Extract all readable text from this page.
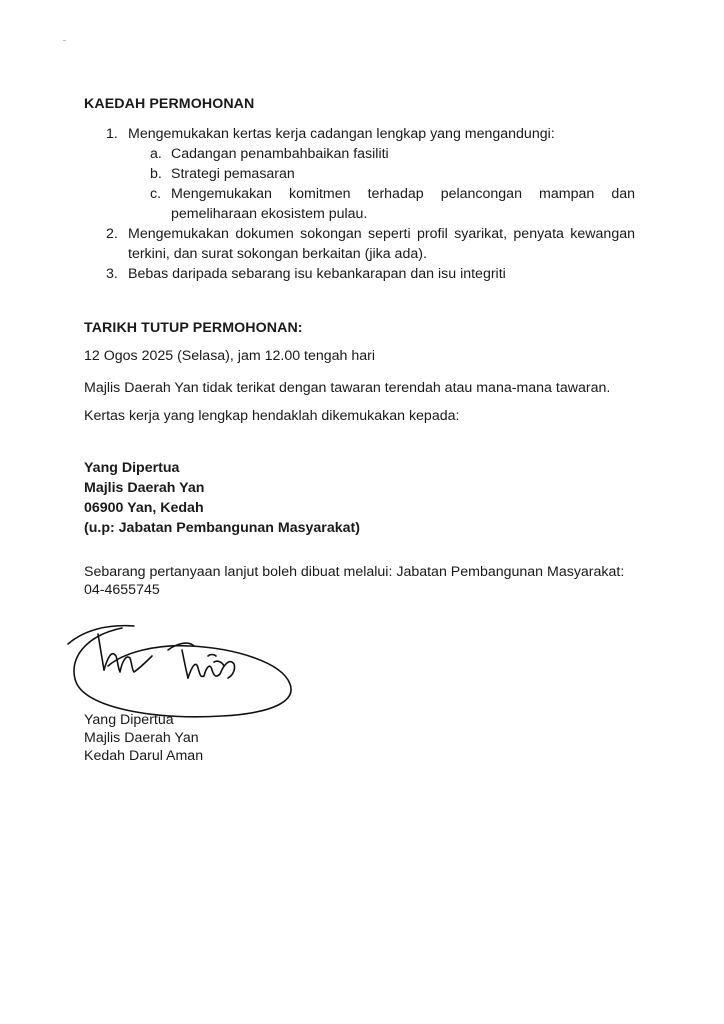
KAEDAH PERMOHONAN
1. Mengemukakan kertas kerja cadangan lengkap yang mengandungi:
a. Cadangan penambahbaikan fasiliti
b. Strategi pemasaran
c. Mengemukakan komitmen terhadap pelancongan mampan dan
pemeliharaan ekosistem pulau.
2. Mengemukakan dokumen sokongan seperti profil syarikat, penyata kewangan
terkini, dan surat sokongan berkaitan (jika ada).
3. Bebas daripada sebarang isu kebankarapan dan isu integriti
TARIKH TUTUP PERMOHONAN:
12 Ogos 2025 (Selasa), jam 12.00 tengah hari
Majlis Daerah Yan tidak terikat dengan tawaran terendah atau mana-mana tawaran.
Kertas kerja yang lengkap hendaklah dikemukakan kepada:
Yang Dipertua
Majlis Daerah Yan
06900 Yan, Kedah
(u.p: Jabatan Pembangunan Masyarakat)
Sebarang pertanyaan lanjut boleh dibuat melalui: Jabatan Pembangunan Masyarakat:
04-4655745
Yang Dipertua
Majlis Daerah Yan
Kedah Darul Aman
